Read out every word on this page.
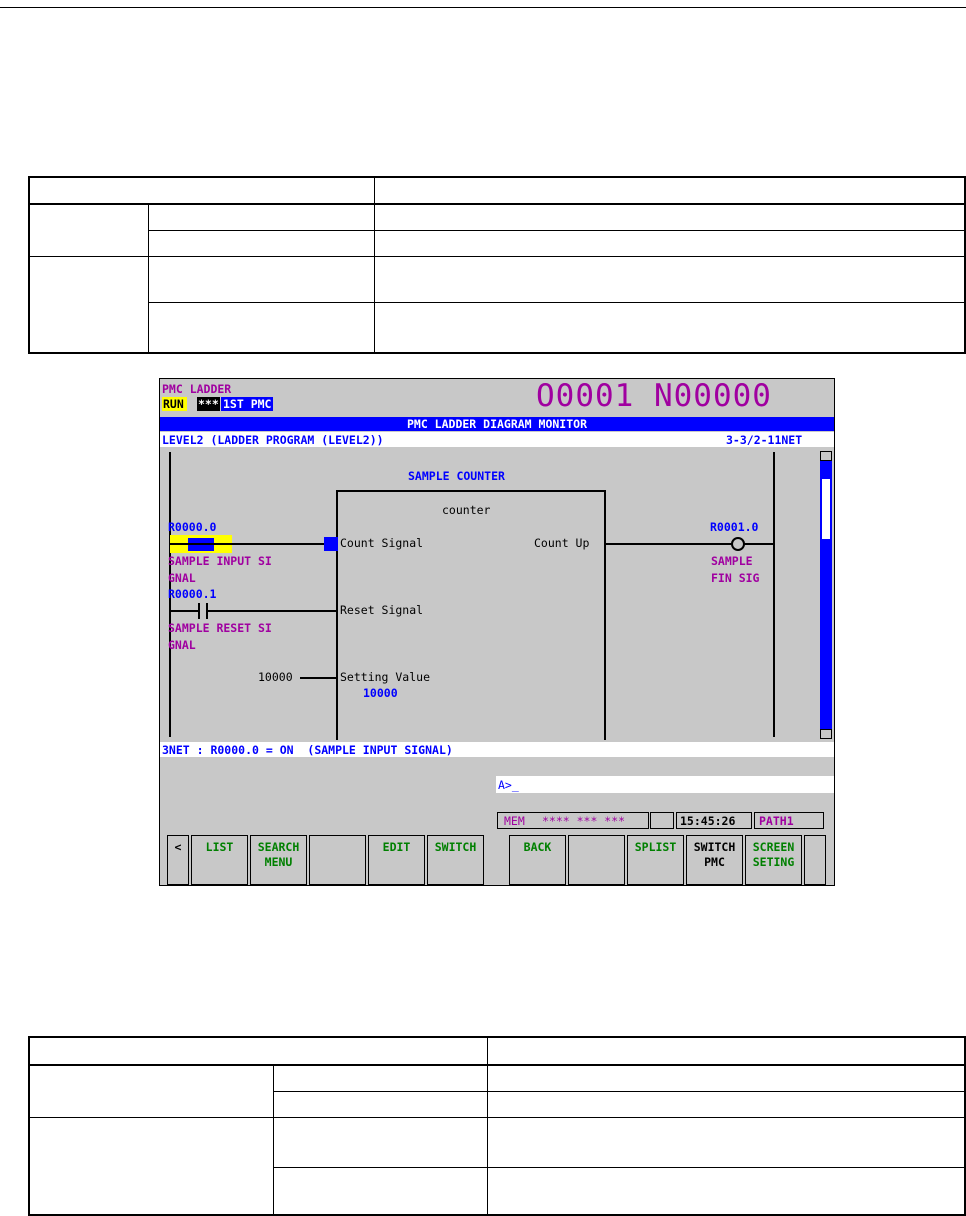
PMC LADDER
RUN *** 1ST PMC	O0001 N00000
PMC LADDER DIAGRAM MONITOR
LEVEL2 (LADDER PROGRAM (LEVEL2))	3-3/2-11NET
SAMPLE COUNTER
counter
R0000.0
Count Signal
SAMPLE INPUT SI
GNAL
Count Up
R0001.0
SAMPLE
FIN SIG
R0000.1
Reset Signal
SAMPLE RESET SI
GNAL
10000	Setting Value
10000
3NET : R0000.0 = ON  (SAMPLE INPUT SIGNAL)
A>_
MEM **** *** ***	15:45:26 PATH1
<	LIST	SEARCH
MENU
EDIT	SWITCH	BACK	SPLIST	SWITCH
PMC
SCREEN
SETING
